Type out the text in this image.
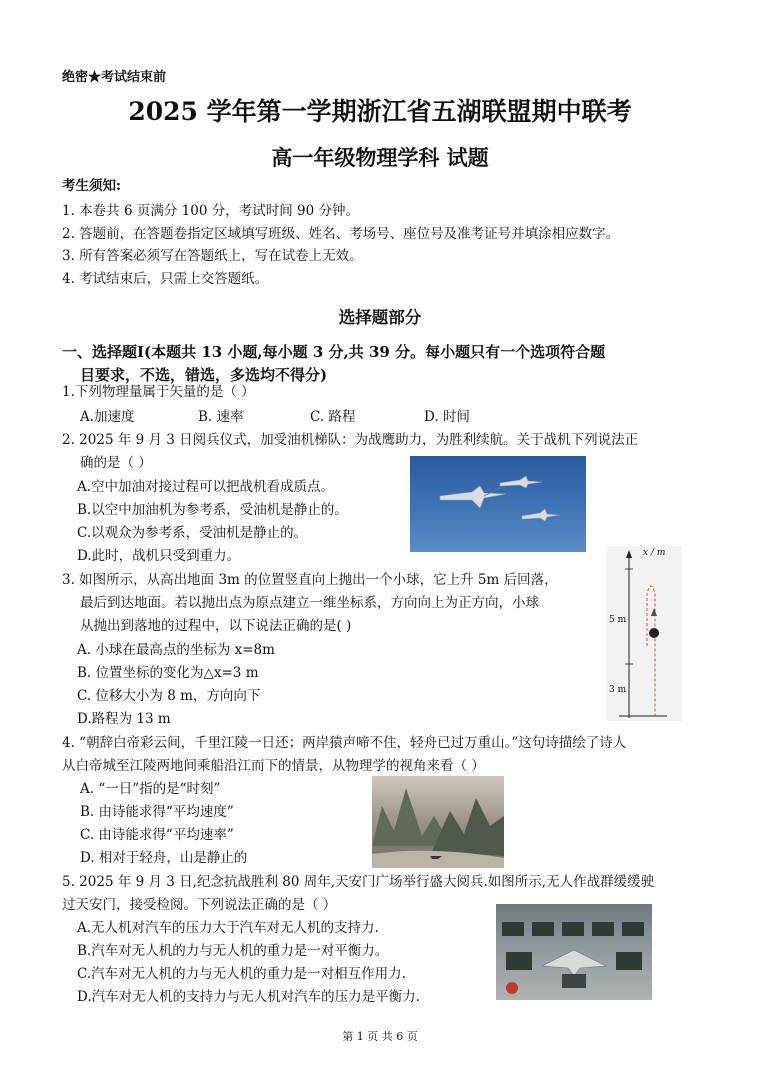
绝密★考试结束前
2025 学年第一学期浙江省五湖联盟期中联考
高一年级物理学科 试题
考生须知:
1. 本卷共 6 页满分 100 分，考试时间 90 分钟。
2. 答题前，在答题卷指定区域填写班级、姓名、考场号、座位号及准考证号并填涂相应数字。
3. 所有答案必须写在答题纸上，写在试卷上无效。
4. 考试结束后，只需上交答题纸。
选择题部分
一、选择题Ⅰ(本题共 13 小题,每小题 3 分,共 39 分。每小题只有一个选项符合题
目要求，不选，错选，多选均不得分)
1.下列物理量属于矢量的是（ ）
A.加速度	B. 速率	C. 路程	D. 时间
2. 2025 年 9 月 3 日阅兵仪式，加受油机梯队：为战鹰助力，为胜利续航。关于战机下列说法正
确的是（ ）
A.空中加油对接过程可以把战机看成质点。
B.以空中加油机为参考系，受油机是静止的。
C.以观众为参考系，受油机是静止的。
D.此时，战机只受到重力。
3. 如图所示，从高出地面 3m 的位置竖直向上抛出一个小球，它上升 5m 后回落，
最后到达地面。若以抛出点为原点建立一维坐标系，方向向上为正方向，小球
从抛出到落地的过程中，以下说法正确的是( )
A. 小球在最高点的坐标为 x=8m
B. 位置坐标的变化为△x=3 m
C. 位移大小为 8 m，方向向下
D.路程为 13 m
x / m
5 m
3 m
4. “朝辞白帝彩云间，千里江陵一日还；两岸猿声啼不住，轻舟已过万重山。”这句诗描绘了诗人
从白帝城至江陵两地间乘船沿江而下的情景，从物理学的视角来看（ ）
A. “一日”指的是“时刻”
B. 由诗能求得“平均速度”
C. 由诗能求得“平均速率”
D. 相对于轻舟，山是静止的
5. 2025 年 9 月 3 日,纪念抗战胜利 80 周年,天安门广场举行盛大阅兵.如图所示,无人作战群缓缓驶
过天安门，接受检阅。下列说法正确的是（ ）
A.无人机对汽车的压力大于汽车对无人机的支持力.
B.汽车对无人机的力与无人机的重力是一对平衡力。
C.汽车对无人机的力与无人机的重力是一对相互作用力.
D.汽车对无人机的支持力与无人机对汽车的压力是平衡力.
第 1 页 共 6 页
